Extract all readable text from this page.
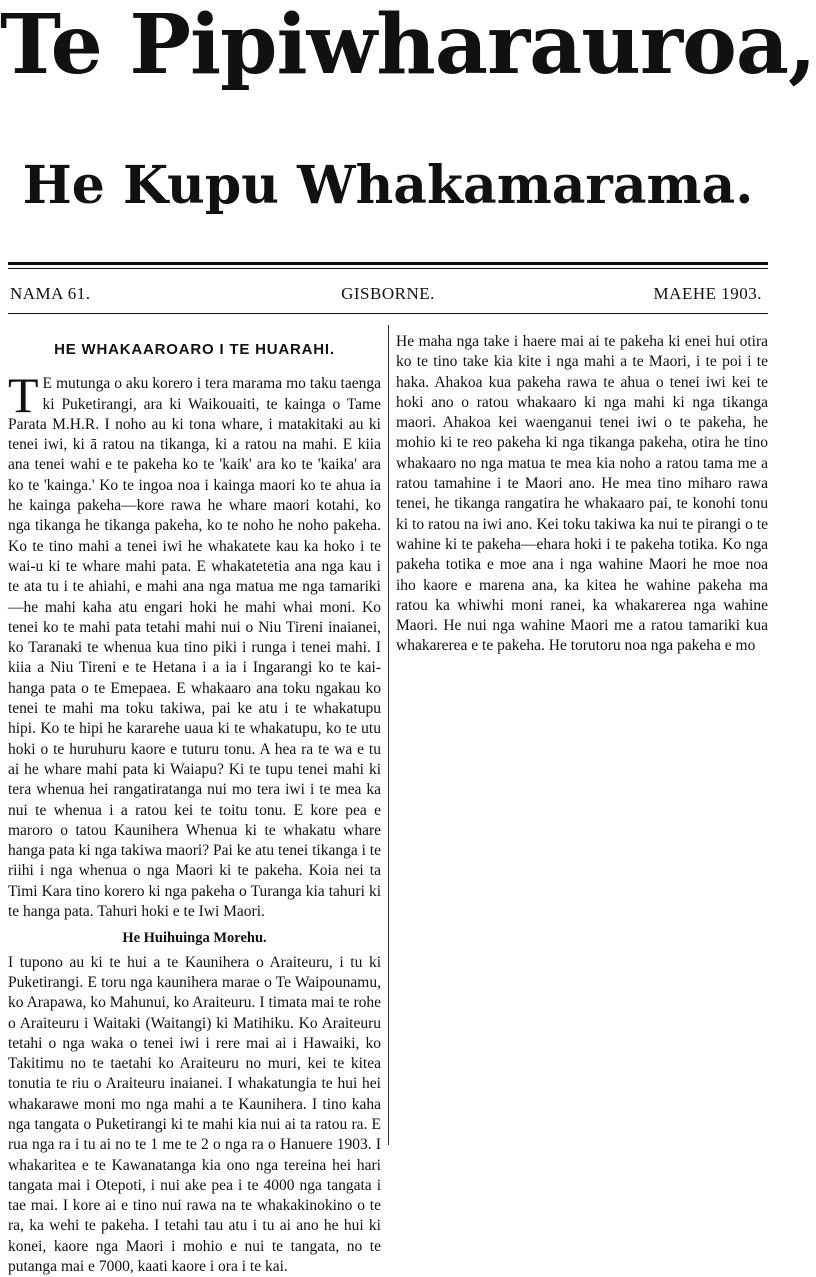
Te Pipiwharauroa,
He Kupu Whakamarama.
NAMA 61.	GISBORNE.	MAEHE 1903.
HE WHAKAAROARO I TE HUARAHI.

T E mutunga o aku korero i tera marama mo taku taenga ki Puketirangi, ara ki Waikouaiti, te kainga o Tame Parata M.H.R. I noho au ki tona whare, i matakitaki au ki tenei iwi, ki ā ratou na tikanga, ki a ratou na mahi. E kiia ana tenei wahi e te pakeha ko te 'kaik' ara ko te 'kaika' ara ko te 'kainga.' Ko te ingoa noa i kainga maori ko te ahua ia he kainga pakeha—kore rawa he whare maori kotahi, ko nga tikanga he tikanga pakeha, ko te noho he noho pakeha. Ko te tino mahi a tenei iwi he whakatete kau ka hoko i te wai-u ki te whare mahi pata. E whakatetetia ana nga kau i te ata tu i te ahiahi, e mahi ana nga matua me nga tamariki—he mahi kaha atu engari hoki he mahi whai moni. Ko tenei ko te mahi pata tetahi mahi nui o Niu Tireni inaianei, ko Taranaki te whenua kua tino piki i runga i tenei mahi. I kiia a Niu Tireni e te Hetana i a ia i Ingarangi ko te kai-hanga pata o te Emepaea. E whakaaro ana toku ngakau ko tenei te mahi ma toku takiwa, pai ke atu i te whakatupu hipi. Ko te hipi he kararehe uaua ki te whakatupu, ko te utu hoki o te huruhuru kaore e tuturu tonu. A hea ra te wa e tu ai he whare mahi pata ki Waiapu? Ki te tupu tenei mahi ki tera whenua hei rangatiratanga nui mo tera iwi i te mea ka nui te whenua i a ratou kei te toitu tonu. E kore pea e maroro o tatou Kaunihera Whenua ki te whakatu whare hanga pata ki nga takiwa maori? Pai ke atu tenei tikanga i te riihi i nga whenua o nga Maori ki te pakeha. Koia nei ta Timi Kara tino korero ki nga pakeha o Turanga kia tahuri ki te hanga pata. Tahuri hoki e te Iwi Maori.

He Huihuinga Morehu.

I tupono au ki te hui a te Kaunihera o Araiteuru, i tu ki Puketirangi. E toru nga kaunihera marae o Te Waipounamu, ko Arapawa, ko Mahunui, ko Araiteuru. I timata mai te rohe o Araiteuru i Waitaki (Waitangi) ki Matihiku. Ko Araiteuru tetahi o nga waka o tenei iwi i rere mai ai i Hawaiki, ko Takitimu no te taetahi ko Araiteuru no muri, kei te kitea tonutia te riu o Araiteuru inaianei. I whakatungia te hui hei whakarawe moni mo nga mahi a te Kaunihera. I tino kaha nga tangata o Puketirangi ki te mahi kia nui ai ta ratou ra. E rua nga ra i tu ai no te 1 me te 2 o nga ra o Hanuere 1903. I whakaritea e te Kawanatanga kia ono nga tereina hei hari tangata mai i Otepoti, i nui ake pea i te 4000 nga tangata i tae mai. I kore ai e tino nui rawa na te whakakinokino o te ra, ka wehi te pakeha. I tetahi tau atu i tu ai ano he hui ki konei, kaore nga Maori i mohio e nui te tangata, no te putanga mai e 7000, kaati kaore i ora i te kai.

He maha nga take i haere mai ai te pakeha ki enei hui otira ko te tino take kia kite i nga mahi a te Maori, i te poi i te haka. Ahakoa kua pakeha rawa te ahua o tenei iwi kei te hoki ano o ratou whakaaro ki nga mahi ki nga tikanga maori. Ahakoa kei waenganui tenei iwi o te pakeha, he mohio ki te reo pakeha ki nga tikanga pakeha, otira he tino whakaaro no nga matua te mea kia noho a ratou tama me a ratou tamahine i te Maori ano. He mea tino miharo rawa tenei, he tikanga rangatira he whakaaro pai, te konohi tonu ki to ratou na iwi ano. Kei toku takiwa ka nui te pirangi o te wahine ki te pakeha—ehara hoki i te pakeha totika. Ko nga pakeha totika e moe ana i nga wahine Maori he moe noa iho kaore e marena ana, ka kitea he wahine pakeha ma ratou ka whiwhi moni ranei, ka whakarerea nga wahine Maori. He nui nga wahine Maori me a ratou tamariki kua whakarerea e te pakeha. He torutoru noa nga pakeha e mo
